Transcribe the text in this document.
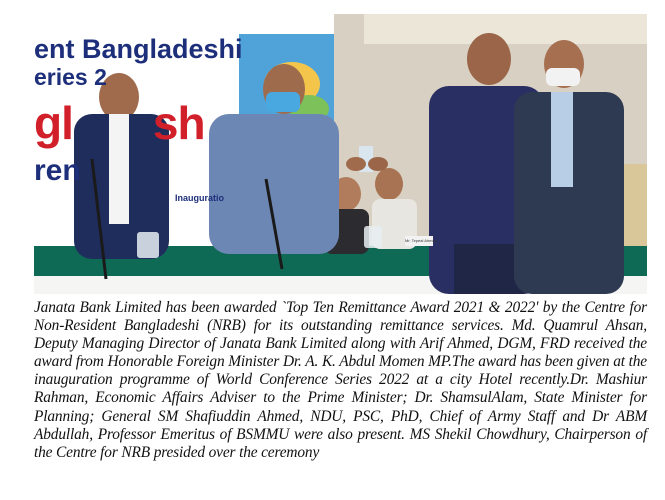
ent Bangladeshi
eries 2
gl sh
ren
Inauguratio
Mr. Tepeal Ahmed

Janata Bank Limited has been awarded `Top Ten Remittance Award 2021 & 2022' by the Centre for Non-Resident Bangladeshi (NRB) for its outstanding remittance services. Md. Quamrul Ahsan, Deputy Managing Director of Janata Bank Limited along with Arif Ahmed, DGM, FRD received the award from Honorable Foreign Minister Dr. A. K. Abdul Momen MP.The award has been given at the inauguration programme of World Conference Series 2022 at a city Hotel recently.Dr. Mashiur Rahman, Economic Affairs Adviser to the Prime Minister; Dr. ShamsulAlam, State Minister for Planning; General SM Shafiuddin Ahmed, NDU, PSC, PhD, Chief of Army Staff and Dr ABM Abdullah, Professor Emeritus of BSMMU were also present. MS Shekil Chowdhury, Chairperson of the Centre for NRB presided over the ceremony
